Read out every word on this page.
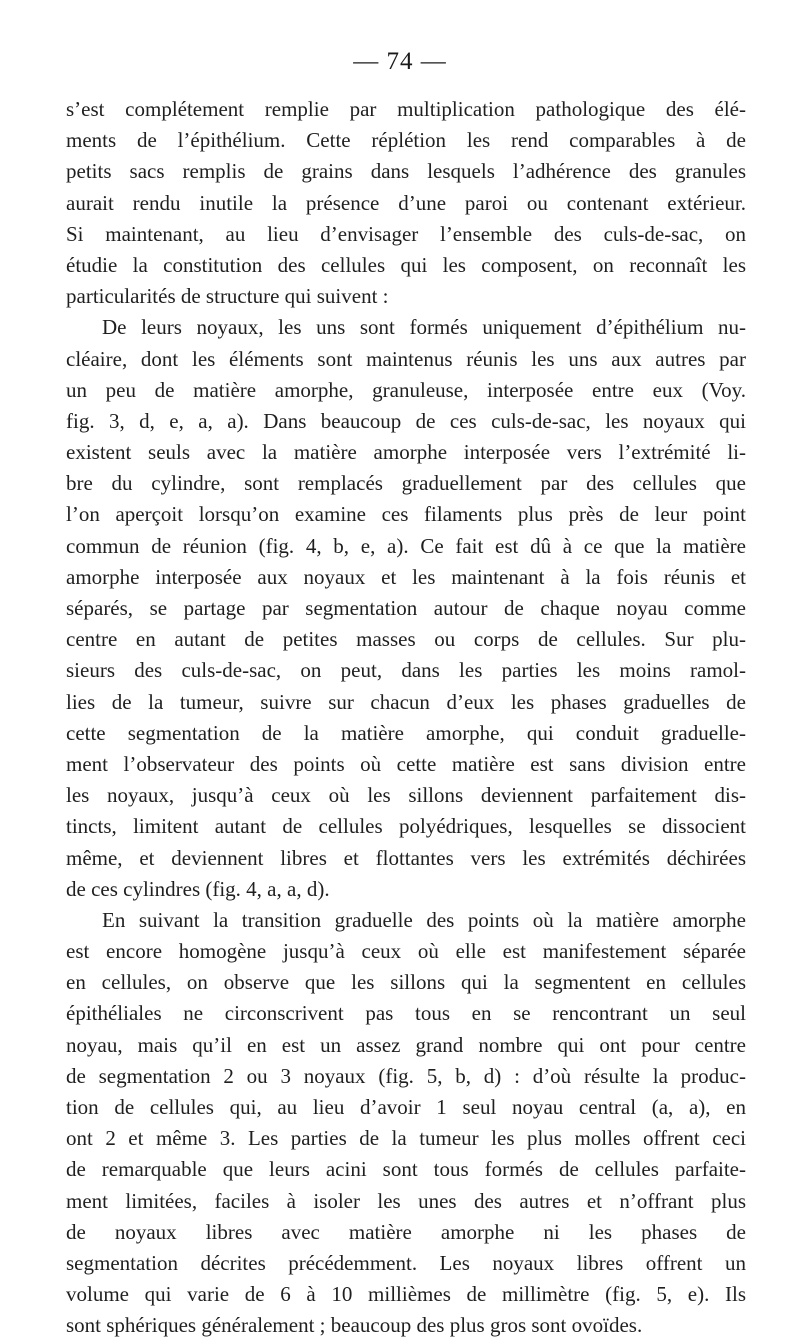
— 74 —
s’est complétement remplie par multiplication pathologique des élé-
ments de l’épithélium. Cette réplétion les rend comparables à de
petits sacs remplis de grains dans lesquels l’adhérence des granules
aurait rendu inutile la présence d’une paroi ou contenant extérieur.
Si maintenant, au lieu d’envisager l’ensemble des culs-de-sac, on
étudie la constitution des cellules qui les composent, on reconnaît les
particularités de structure qui suivent :
De leurs noyaux, les uns sont formés uniquement d’épithélium nu-
cléaire, dont les éléments sont maintenus réunis les uns aux autres par
un peu de matière amorphe, granuleuse, interposée entre eux (Voy.
fig. 3, d, e, a, a). Dans beaucoup de ces culs-de-sac, les noyaux qui
existent seuls avec la matière amorphe interposée vers l’extrémité li-
bre du cylindre, sont remplacés graduellement par des cellules que
l’on aperçoit lorsqu’on examine ces filaments plus près de leur point
commun de réunion (fig. 4, b, e, a). Ce fait est dû à ce que la matière
amorphe interposée aux noyaux et les maintenant à la fois réunis et
séparés, se partage par segmentation autour de chaque noyau comme
centre en autant de petites masses ou corps de cellules. Sur plu-
sieurs des culs-de-sac, on peut, dans les parties les moins ramol-
lies de la tumeur, suivre sur chacun d’eux les phases graduelles de
cette segmentation de la matière amorphe, qui conduit graduelle-
ment l’observateur des points où cette matière est sans division entre
les noyaux, jusqu’à ceux où les sillons deviennent parfaitement dis-
tincts, limitent autant de cellules polyédriques, lesquelles se dissocient
même, et deviennent libres et flottantes vers les extrémités déchirées
de ces cylindres (fig. 4, a, a, d).
En suivant la transition graduelle des points où la matière amorphe
est encore homogène jusqu’à ceux où elle est manifestement séparée
en cellules, on observe que les sillons qui la segmentent en cellules
épithéliales ne circonscrivent pas tous en se rencontrant un seul
noyau, mais qu’il en est un assez grand nombre qui ont pour centre
de segmentation 2 ou 3 noyaux (fig. 5, b, d) : d’où résulte la produc-
tion de cellules qui, au lieu d’avoir 1 seul noyau central (a, a), en
ont 2 et même 3. Les parties de la tumeur les plus molles offrent ceci
de remarquable que leurs acini sont tous formés de cellules parfaite-
ment limitées, faciles à isoler les unes des autres et n’offrant plus
de noyaux libres avec matière amorphe ni les phases de
segmentation décrites précédemment. Les noyaux libres offrent un
volume qui varie de 6 à 10 millièmes de millimètre (fig. 5, e). Ils
sont sphériques généralement ; beaucoup des plus gros sont ovoïdes.
